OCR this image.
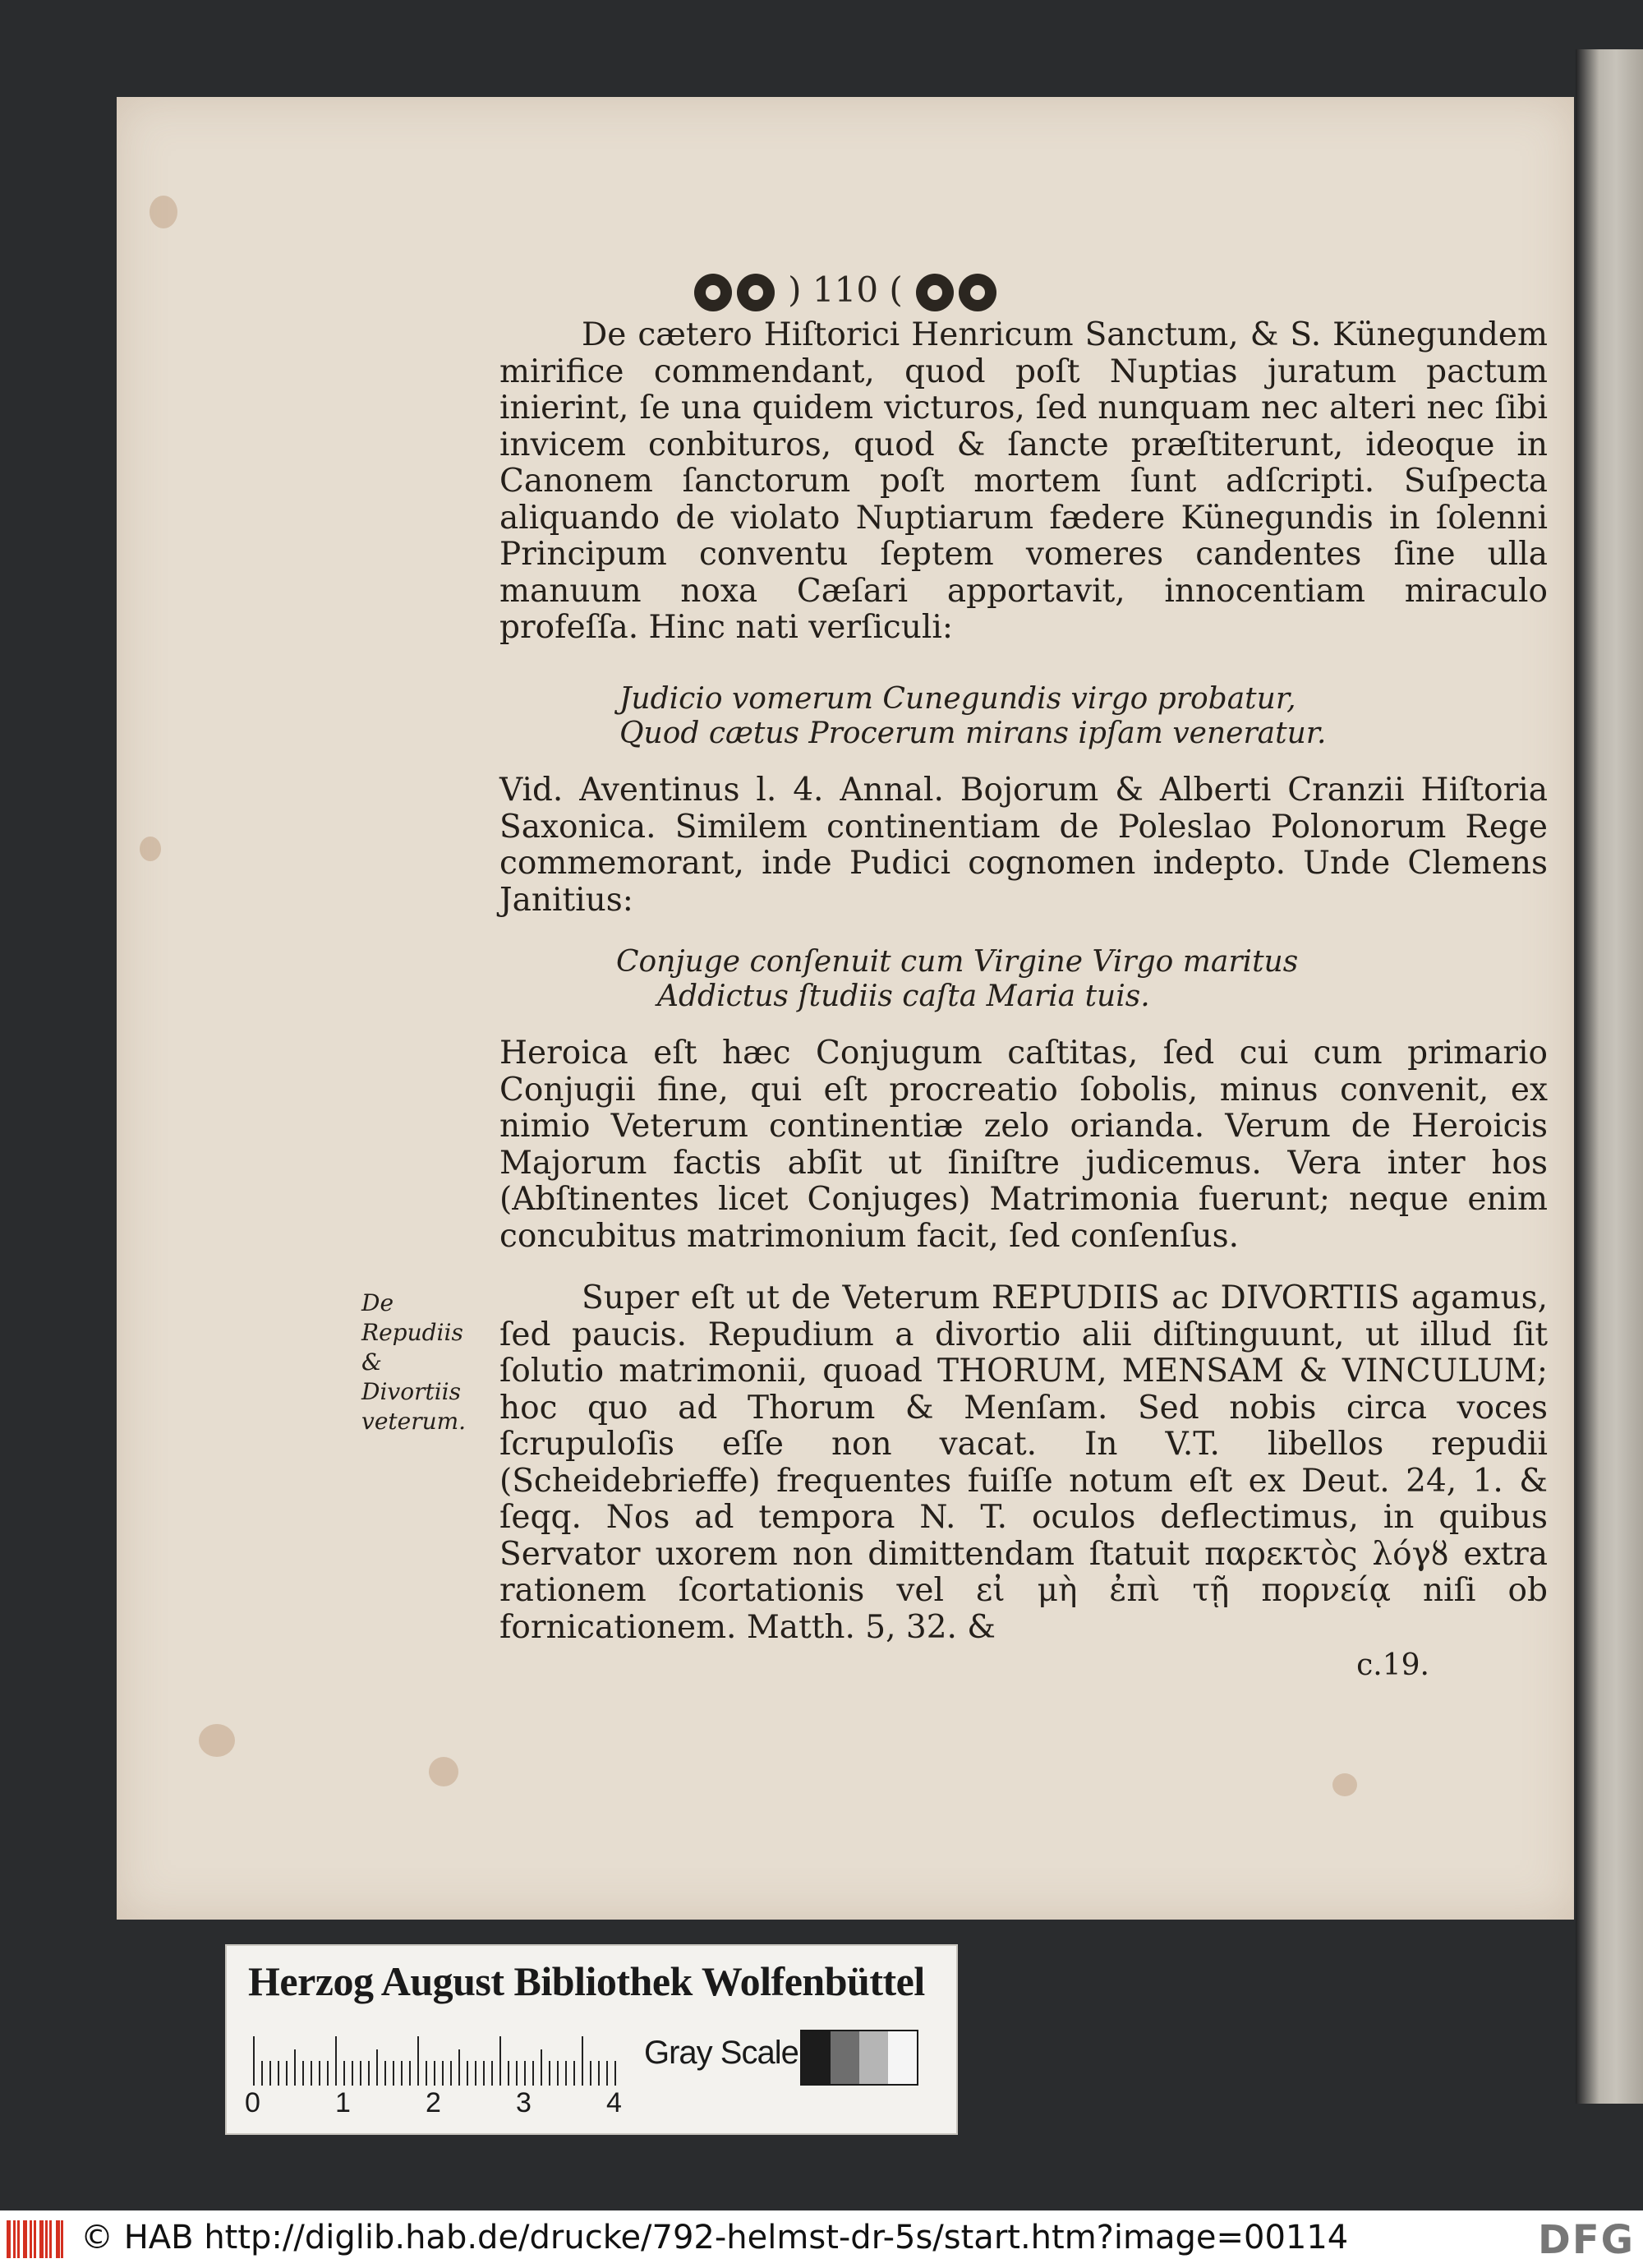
) 110 (
De cætero Hiſtorici Henricum Sanctum, & S. Künegundem mirifice commendant, quod poſt Nuptias juratum pactum inierint, ſe una quidem victuros, ſed nunquam nec alteri nec ſibi invicem conbituros, quod & ſancte præſtiterunt, ideoque in Canonem ſanctorum poſt mortem ſunt adſcripti. Suſpecta aliquando de violato Nuptiarum fædere Künegundis in ſolenni Principum conventu ſeptem vomeres candentes ſine ulla manuum noxa Cæſari apportavit, innocentiam miraculo profeſſa. Hinc nati verſiculi:
Judicio vomerum Cunegundis virgo probatur,
Quod cætus Procerum mirans ipſam veneratur.
Vid. Aventinus l. 4. Annal. Bojorum & Alberti Cranzii Hiſtoria Saxonica. Similem continentiam de Poleslao Polonorum Rege commemorant, inde Pudici cognomen indepto. Unde Clemens Janitius:
Conjuge conſenuit cum Virgine Virgo maritus
Addictus ſtudiis caſta Maria tuis.
Heroica eſt hæc Conjugum caſtitas, ſed cui cum primario Conjugii fine, qui eſt procreatio ſobolis, minus convenit, ex nimio Veterum continentiæ zelo orianda. Verum de Heroicis Majorum factis abſit ut ſiniſtre judicemus. Vera inter hos (Abſtinentes licet Conjuges) Matrimonia fuerunt; neque enim concubitus matrimonium facit, ſed conſenſus.
De Repudiis & Divortiis veterum.
Super eſt ut de Veterum REPUDIIS ac DIVORTIIS agamus, ſed paucis. Repudium a divortio alii diſtinguunt, ut illud ſit ſolutio matrimonii, quoad THORUM, MENSAM & VINCULUM; hoc quo ad Thorum & Menſam. Sed nobis circa voces ſcrupuloſis eſſe non vacat. In V.T. libellos repudii (Scheidebrieffe) frequentes fuiſſe notum eſt ex Deut. 24, 1. & ſeqq. Nos ad tempora N. T. oculos deflectimus, in quibus Servator uxorem non dimittendam ſtatuit παρεκτὸς λόγȣ extra rationem ſcortationis vel εἰ μὴ ἐπὶ τῇ πορνείᾳ niſi ob fornicationem. Matth. 5, 32. &
c.19.
Herzog August Bibliothek Wolfenbüttel
0	1	2	3	4
Gray Scale
© HAB http://diglib.hab.de/drucke/792-helmst-dr-5s/start.htm?image=00114	DFG
